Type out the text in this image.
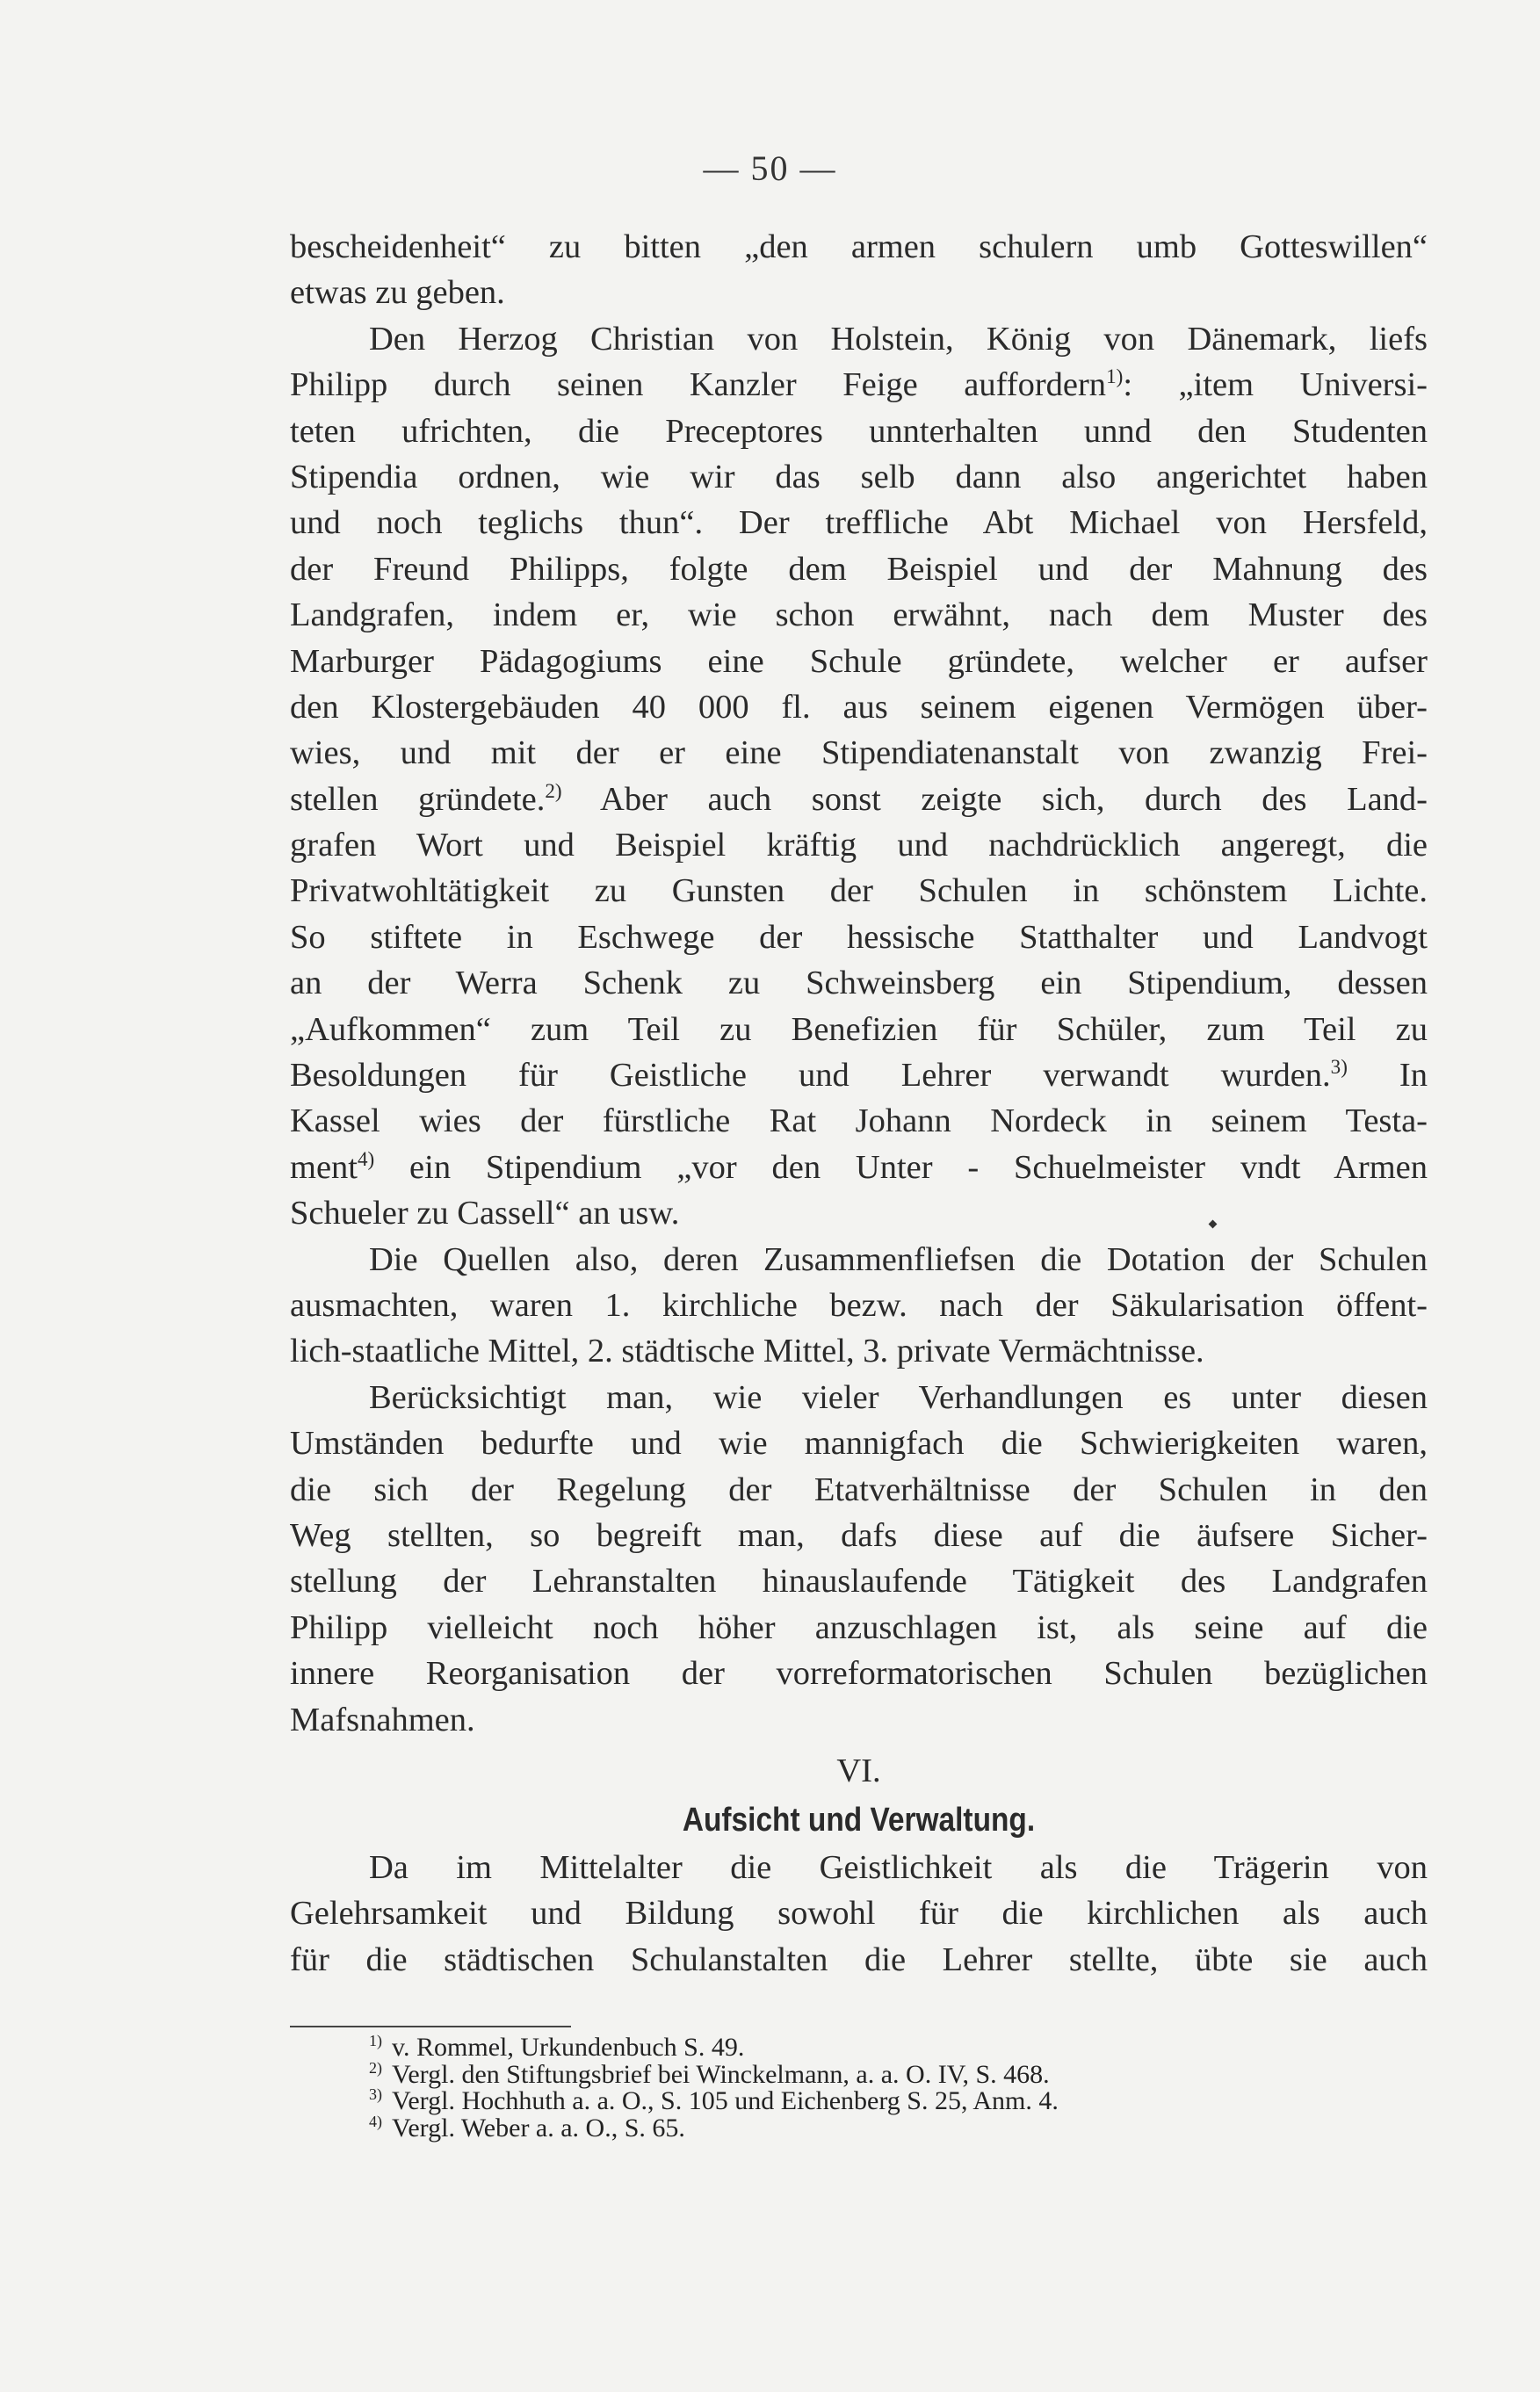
— 50 —
bescheidenheit“ zu bitten „den armen schulern umb Gotteswillen“
etwas zu geben.
Den Herzog Christian von Holstein, König von Dänemark, liefs
Philipp durch seinen Kanzler Feige auffordern$^{1)}$: „item Universi-
teten ufrichten, die Preceptores unnterhalten unnd den Studenten
Stipendia ordnen, wie wir das selb dann also angerichtet haben
und noch teglichs thun“. Der treffliche Abt Michael von Hersfeld,
der Freund Philipps, folgte dem Beispiel und der Mahnung des
Landgrafen, indem er, wie schon erwähnt, nach dem Muster des
Marburger Pädagogiums eine Schule gründete, welcher er aufser
den Klostergebäuden 40 000 fl. aus seinem eigenen Vermögen über-
wies, und mit der er eine Stipendiatenanstalt von zwanzig Frei-
stellen gründete.$^{2)}$ Aber auch sonst zeigte sich, durch des Land-
grafen Wort und Beispiel kräftig und nachdrücklich angeregt, die
Privatwohltätigkeit zu Gunsten der Schulen in schönstem Lichte.
So stiftete in Eschwege der hessische Statthalter und Landvogt
an der Werra Schenk zu Schweinsberg ein Stipendium, dessen
„Aufkommen“ zum Teil zu Benefizien für Schüler, zum Teil zu
Besoldungen für Geistliche und Lehrer verwandt wurden.$^{3)}$ In
Kassel wies der fürstliche Rat Johann Nordeck in seinem Testa-
ment$^{4)}$ ein Stipendium „vor den Unter - Schuelmeister vndt Armen
Schueler zu Cassell“ an usw.
Die Quellen also, deren Zusammenfliefsen die Dotation der Schulen
ausmachten, waren 1. kirchliche bezw. nach der Säkularisation öffent-
lich-staatliche Mittel, 2. städtische Mittel, 3. private Vermächtnisse.
Berücksichtigt man, wie vieler Verhandlungen es unter diesen
Umständen bedurfte und wie mannigfach die Schwierigkeiten waren,
die sich der Regelung der Etatverhältnisse der Schulen in den
Weg stellten, so begreift man, dafs diese auf die äufsere Sicher-
stellung der Lehranstalten hinauslaufende Tätigkeit des Landgrafen
Philipp vielleicht noch höher anzuschlagen ist, als seine auf die
innere Reorganisation der vorreformatorischen Schulen bezüglichen
Mafsnahmen.
VI.
Aufsicht und Verwaltung.
Da im Mittelalter die Geistlichkeit als die Trägerin von
Gelehrsamkeit und Bildung sowohl für die kirchlichen als auch
für die städtischen Schulanstalten die Lehrer stellte, übte sie auch
$^{1)}$ v. Rommel, Urkundenbuch S. 49.
$^{2)}$ Vergl. den Stiftungsbrief bei Winckelmann, a. a. O. IV, S. 468.
$^{3)}$ Vergl. Hochhuth a. a. O., S. 105 und Eichenberg S. 25, Anm. 4.
$^{4)}$ Vergl. Weber a. a. O., S. 65.
